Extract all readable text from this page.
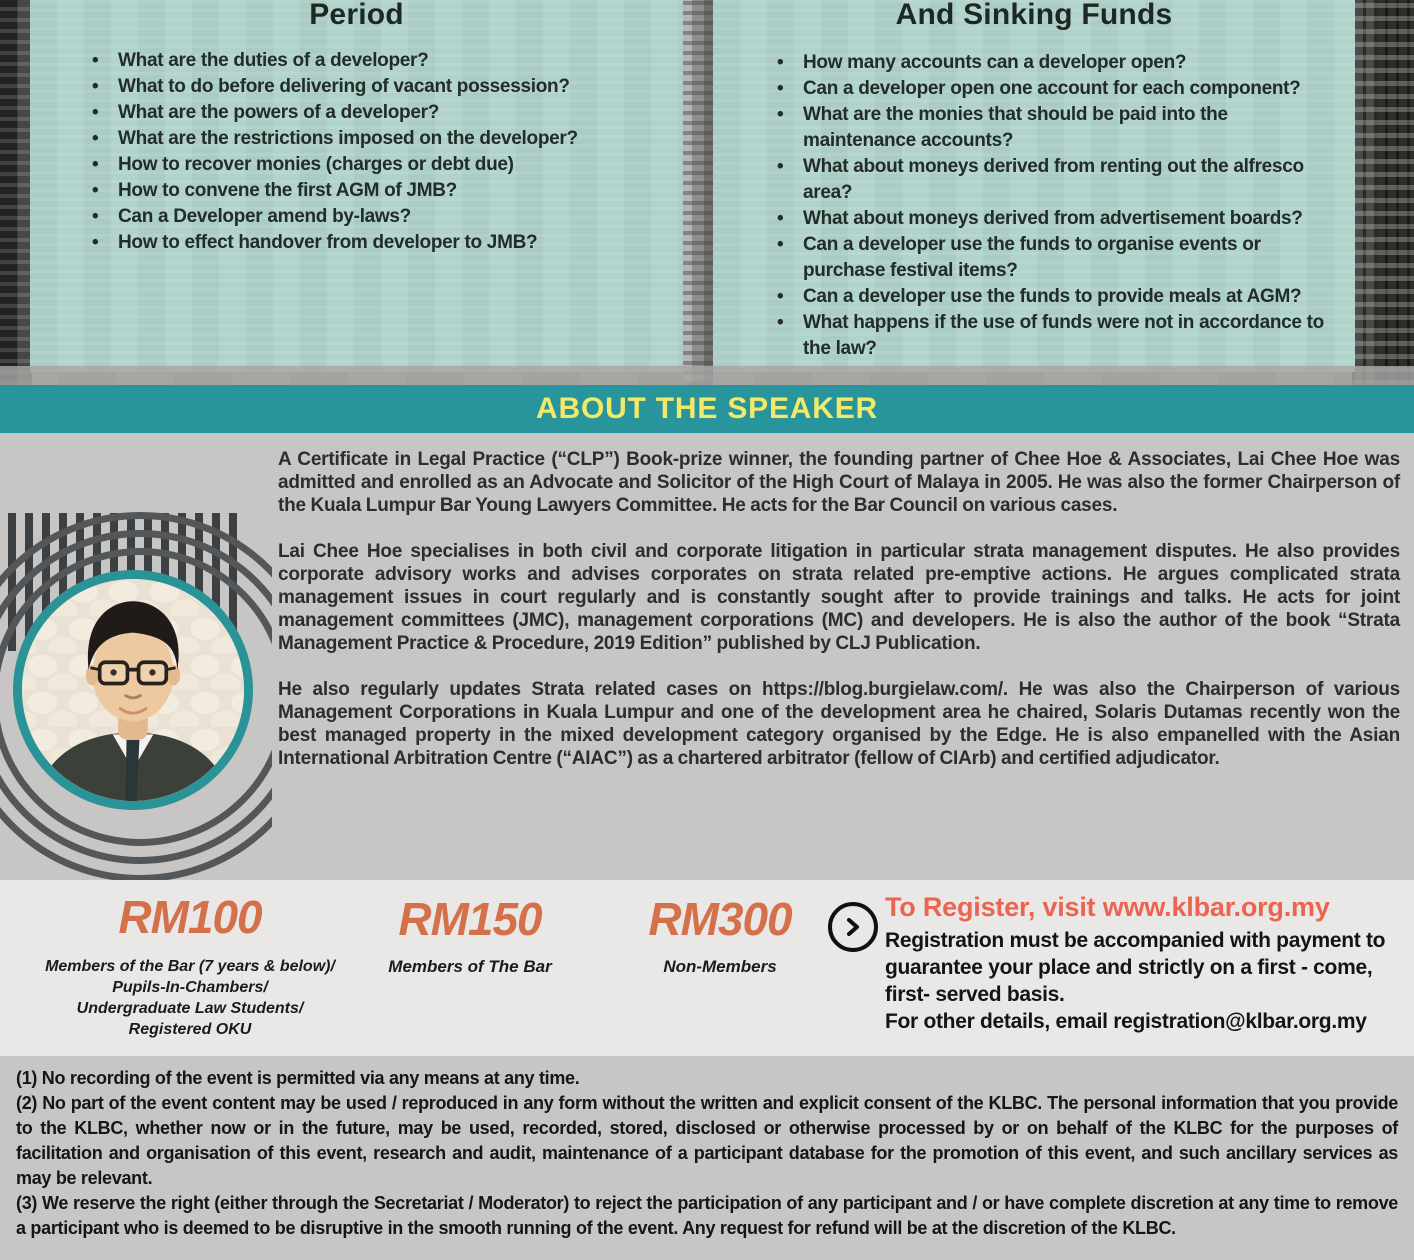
Period
• What are the duties of a developer?
• What to do before delivering of vacant possession?
• What are the powers of a developer?
• What are the restrictions imposed on the developer?
• How to recover monies (charges or debt due)
• How to convene the first AGM of JMB?
• Can a Developer amend by-laws?
• How to effect handover from developer to JMB?
And Sinking Funds
• How many accounts can a developer open?
• Can a developer open one account for each component?
• What are the monies that should be paid into the maintenance accounts?
• What about moneys derived from renting out the alfresco area?
• What about moneys derived from advertisement boards?
• Can a developer use the funds to organise events or purchase festival items?
• Can a developer use the funds to provide meals at AGM?
• What happens if the use of funds were not in accordance to the law?
ABOUT THE SPEAKER

A Certificate in Legal Practice (“CLP”) Book-prize winner, the founding partner of Chee Hoe & Associates, Lai Chee Hoe was admitted and enrolled as an Advocate and Solicitor of the High Court of Malaya in 2005. He was also the former Chairperson of the Kuala Lumpur Bar Young Lawyers Committee. He acts for the Bar Council on various cases.

Lai Chee Hoe specialises in both civil and corporate litigation in particular strata management disputes. He also provides corporate advisory works and advises corporates on strata related pre-emptive actions. He argues complicated strata management issues in court regularly and is constantly sought after to provide trainings and talks. He acts for joint management committees (JMC), management corporations (MC) and developers. He is also the author of the book “Strata Management Practice & Procedure, 2019 Edition” published by CLJ Publication.

He also regularly updates Strata related cases on https://blog.burgielaw.com/. He was also the Chairperson of various Management Corporations in Kuala Lumpur and one of the development area he chaired, Solaris Dutamas recently won the best managed property in the mixed development category organised by the Edge. He is also empanelled with the Asian International Arbitration Centre (“AIAC”) as a chartered arbitrator (fellow of CIArb) and certified adjudicator.

RM100
Members of the Bar (7 years & below)/
Pupils-In-Chambers/
Undergraduate Law Students/
Registered OKU
RM150
Members of The Bar
RM300
Non-Members
To Register, visit www.klbar.org.my
Registration must be accompanied with payment to guarantee your place and strictly on a first - come, first- served basis.
For other details, email registration@klbar.org.my

(1) No recording of the event is permitted via any means at any time.

(2) No part of the event content may be used / reproduced in any form without the written and explicit consent of the KLBC. The personal information that you provide to the KLBC, whether now or in the future, may be used, recorded, stored, disclosed or otherwise processed by or on behalf of the KLBC for the purposes of facilitation and organisation of this event, research and audit, maintenance of a participant database for the promotion of this event, and such ancillary services as may be relevant.

(3) We reserve the right (either through the Secretariat / Moderator) to reject the participation of any participant and / or have complete discretion at any time to remove a participant who is deemed to be disruptive in the smooth running of the event. Any request for refund will be at the discretion of the KLBC.
